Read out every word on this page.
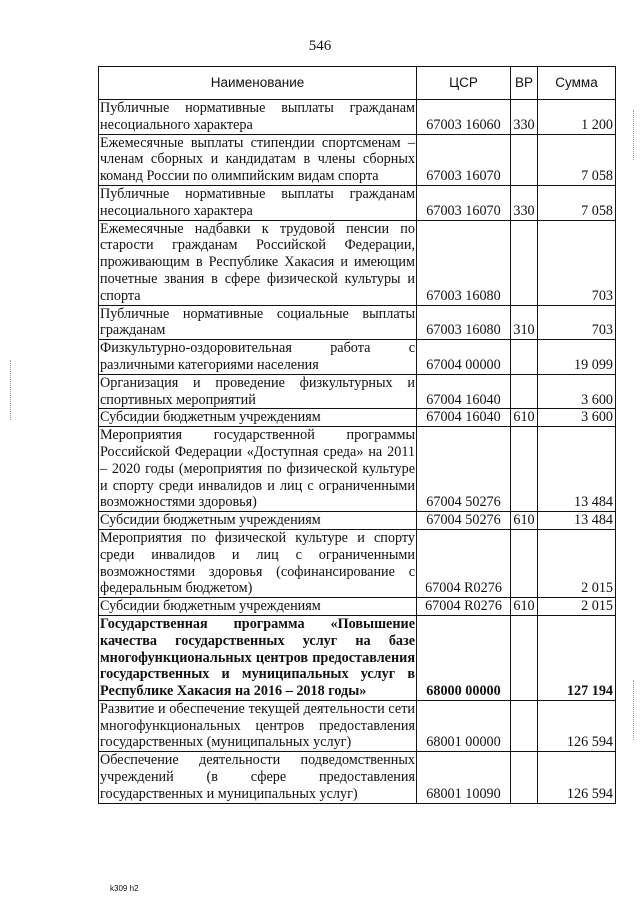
546
Наименование	ЦСР	ВР	Сумма
Публичные нормативные выплаты гражданам несоциального характера	67003 16060	330	1 200
Ежемесячные выплаты стипендии спортсменам – членам сборных и кандидатам в члены сборных команд России по олимпийским видам спорта	67003 16070		7 058
Публичные нормативные выплаты гражданам несоциального характера	67003 16070	330	7 058
Ежемесячные надбавки к трудовой пенсии по старости гражданам Российской Федерации, проживающим в Республике Хакасия и имеющим почетные звания в сфере физической культуры и спорта	67003 16080		703
Публичные нормативные социальные выплаты гражданам	67003 16080	310	703
Физкультурно-оздоровительная работа с различными категориями населения	67004 00000		19 099
Организация и проведение физкультурных и спортивных мероприятий	67004 16040		3 600
Субсидии бюджетным учреждениям	67004 16040	610	3 600
Мероприятия государственной программы Российской Федерации «Доступная среда» на 2011 – 2020 годы (мероприятия по физической культуре и спорту среди инвалидов и лиц с ограниченными возможностями здоровья)	67004 50276		13 484
Субсидии бюджетным учреждениям	67004 50276	610	13 484
Мероприятия по физической культуре и спорту среди инвалидов и лиц с ограниченными возможностями здоровья (софинансирование с федеральным бюджетом)	67004 R0276		2 015
Субсидии бюджетным учреждениям	67004 R0276	610	2 015
Государственная программа «Повышение качества государственных услуг на базе многофункциональных центров предоставления государственных и муниципальных услуг в Республике Хакасия на 2016 – 2018 годы»	68000 00000		127 194
Развитие и обеспечение текущей деятельности сети многофункциональных центров предоставления государственных (муниципальных услуг)	68001 00000		126 594
Обеспечение деятельности подведомственных учреждений (в сфере предоставления государственных и муниципальных услуг)	68001 10090		126 594
k309 h2
